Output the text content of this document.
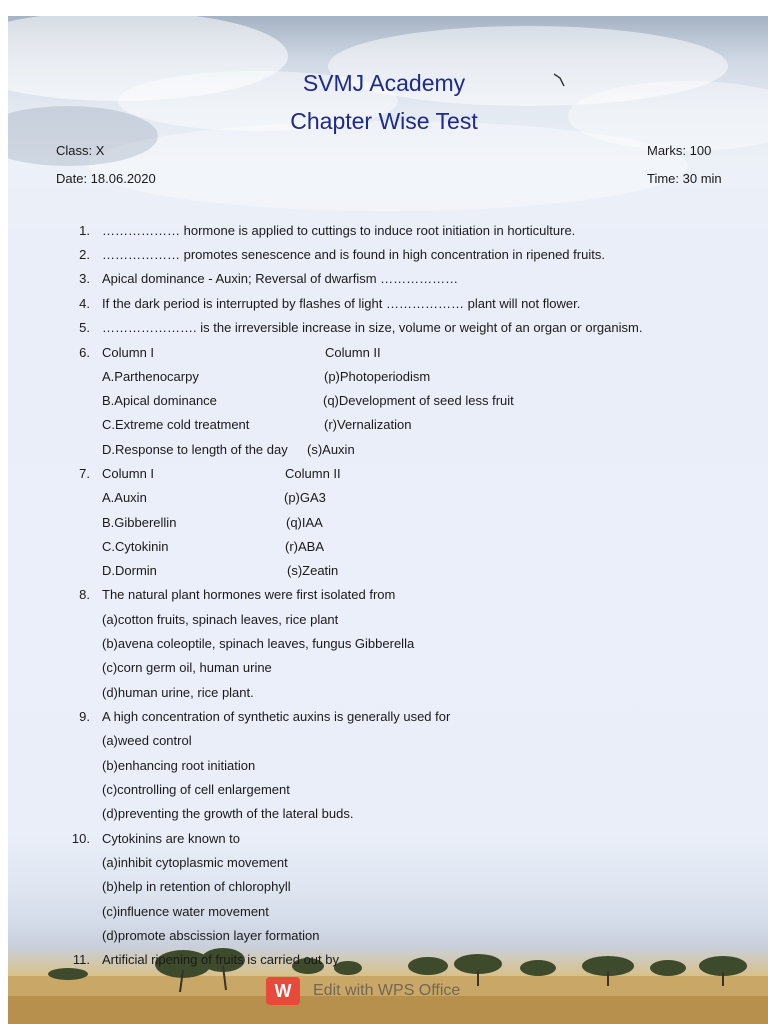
SVMJ Academy
Chapter Wise Test
Class: X
Date: 18.06.2020
Marks: 100
Time: 30 min
1. ……………… hormone is applied to cuttings to induce root initiation in horticulture.
2. ……………… promotes senescence and is found in high concentration in ripened fruits.
3. Apical dominance - Auxin; Reversal of dwarfism ………………
4. If the dark period is interrupted by flashes of light ……………… plant will not flower.
5. …………………. is the irreversible increase in size, volume or weight of an organ or organism.
6. Column I	Column II
A.Parthenocarpy	(p)Photoperiodism
B.Apical dominance	(q)Development of seed less fruit
C.Extreme cold treatment	(r)Vernalization
D.Response to length of the day (s)Auxin
7. Column I	Column II
A.Auxin	(p)GA3
B.Gibberellin	(q)IAA
C.Cytokinin	(r)ABA
D.Dormin	(s)Zeatin
8. The natural plant hormones were first isolated from
(a)cotton fruits, spinach leaves, rice plant
(b)avena coleoptile, spinach leaves, fungus Gibberella
(c)corn germ oil, human urine
(d)human urine, rice plant.
9. A high concentration of synthetic auxins is generally used for
(a)weed control
(b)enhancing root initiation
(c)controlling of cell enlargement
(d)preventing the growth of the lateral buds.
10. Cytokinins are known to
(a)inhibit cytoplasmic movement
(b)help in retention of chlorophyll
(c)influence water movement
(d)promote abscission layer formation
11. Artificial ripening of fruits is carried out by
W	Edit with WPS Office
